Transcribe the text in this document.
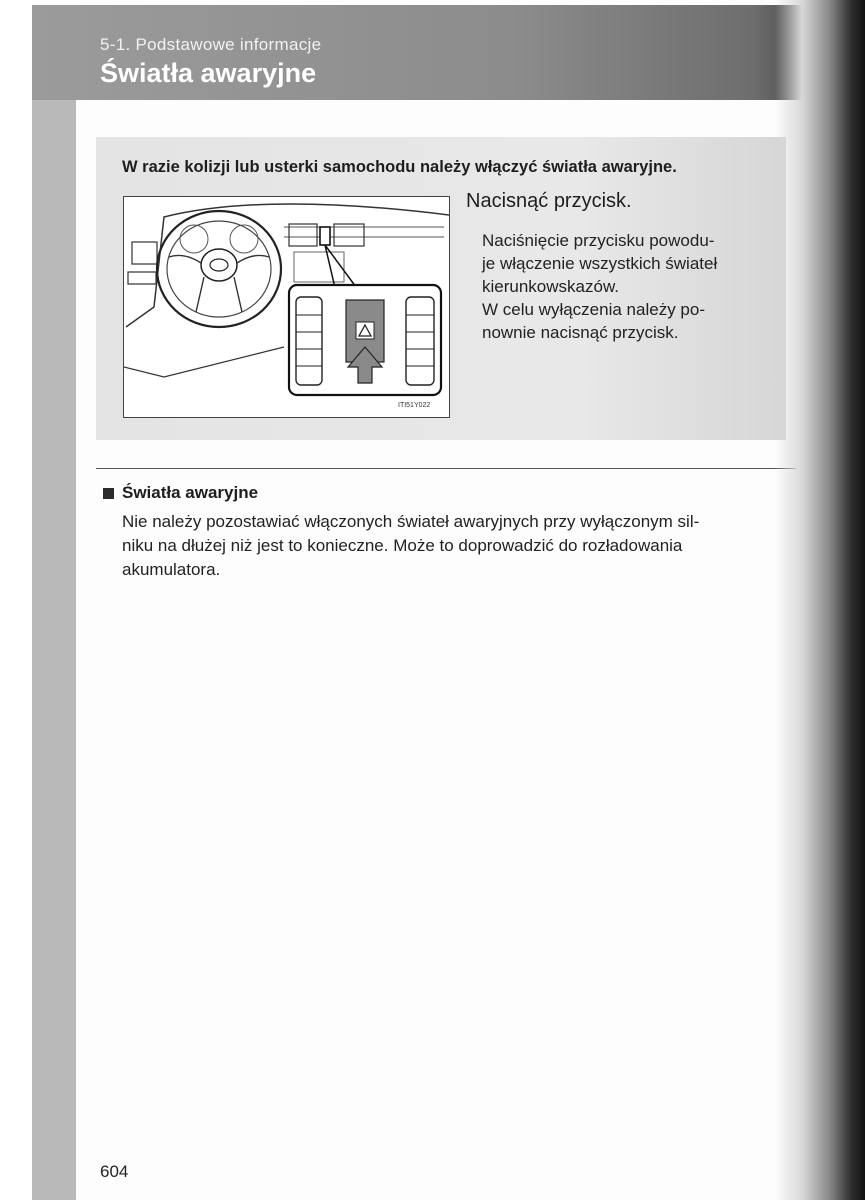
5-1. Podstawowe informacje
Światła awaryjne
W razie kolizji lub usterki samochodu należy włączyć światła awaryjne.
ITI51Y022
Nacisnąć przycisk.
Naciśnięcie przycisku powodu-
je włączenie wszystkich świateł
kierunkowskazów.
W celu wyłączenia należy po-
nownie nacisnąć przycisk.
Światła awaryjne
Nie należy pozostawiać włączonych świateł awaryjnych przy wyłączonym sil-
niku na dłużej niż jest to konieczne. Może to doprowadzić do rozładowania
akumulatora.
604
